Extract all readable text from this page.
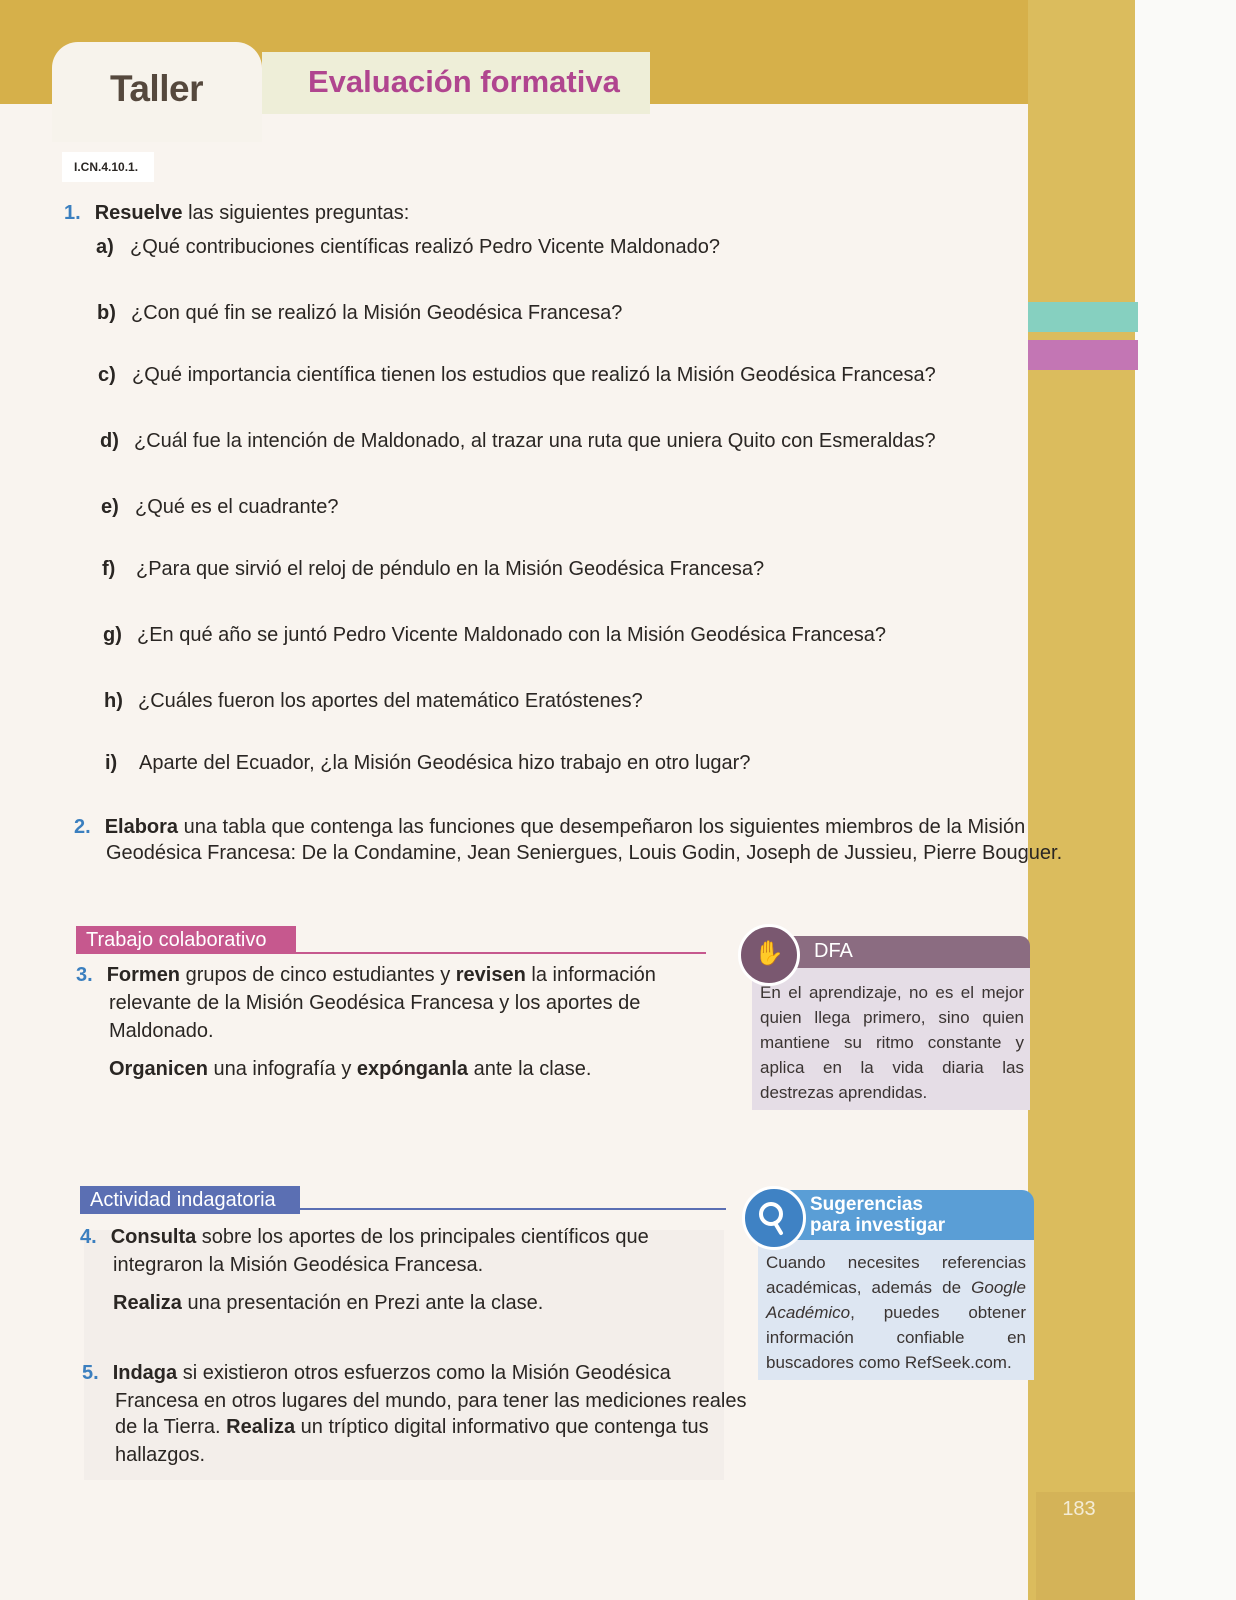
Taller	Evaluación formativa
I.CN.4.10.1.
1. Resuelve las siguientes preguntas:
a) ¿Qué contribuciones científicas realizó Pedro Vicente Maldonado?
b) ¿Con qué fin se realizó la Misión Geodésica Francesa?
c) ¿Qué importancia científica tienen los estudios que realizó la Misión Geodésica Francesa?
d) ¿Cuál fue la intención de Maldonado, al trazar una ruta que uniera Quito con Esmeraldas?
e) ¿Qué es el cuadrante?
f) ¿Para que sirvió el reloj de péndulo en la Misión Geodésica Francesa?
g) ¿En qué año se juntó Pedro Vicente Maldonado con la Misión Geodésica Francesa?
h) ¿Cuáles fueron los aportes del matemático Eratóstenes?
i) Aparte del Ecuador, ¿la Misión Geodésica hizo trabajo en otro lugar?
2. Elabora una tabla que contenga las funciones que desempeñaron los siguientes miembros de la Misión
Geodésica Francesa: De la Condamine, Jean Seniergues, Louis Godin, Joseph de Jussieu, Pierre Bouguer.
Trabajo colaborativo
3. Formen grupos de cinco estudiantes y revisen la información
relevante de la Misión Geodésica Francesa y los aportes de
Maldonado.
Organicen una infografía y expónganla ante la clase.
DFA
✋
En el aprendizaje, no es el mejor quien llega primero, sino quien mantiene su ritmo constante y aplica en la vida diaria las destrezas aprendidas.
Actividad indagatoria
4. Consulta sobre los aportes de los principales científicos que
integraron la Misión Geodésica Francesa.
Realiza una presentación en Prezi ante la clase.
5. Indaga si existieron otros esfuerzos como la Misión Geodésica
Francesa en otros lugares del mundo, para tener las mediciones reales
de la Tierra. Realiza un tríptico digital informativo que contenga tus
hallazgos.
Sugerencias
para investigar
Cuando necesites referencias académicas, además de Google Académico, puedes obtener información confiable en buscadores como RefSeek.com.
183
